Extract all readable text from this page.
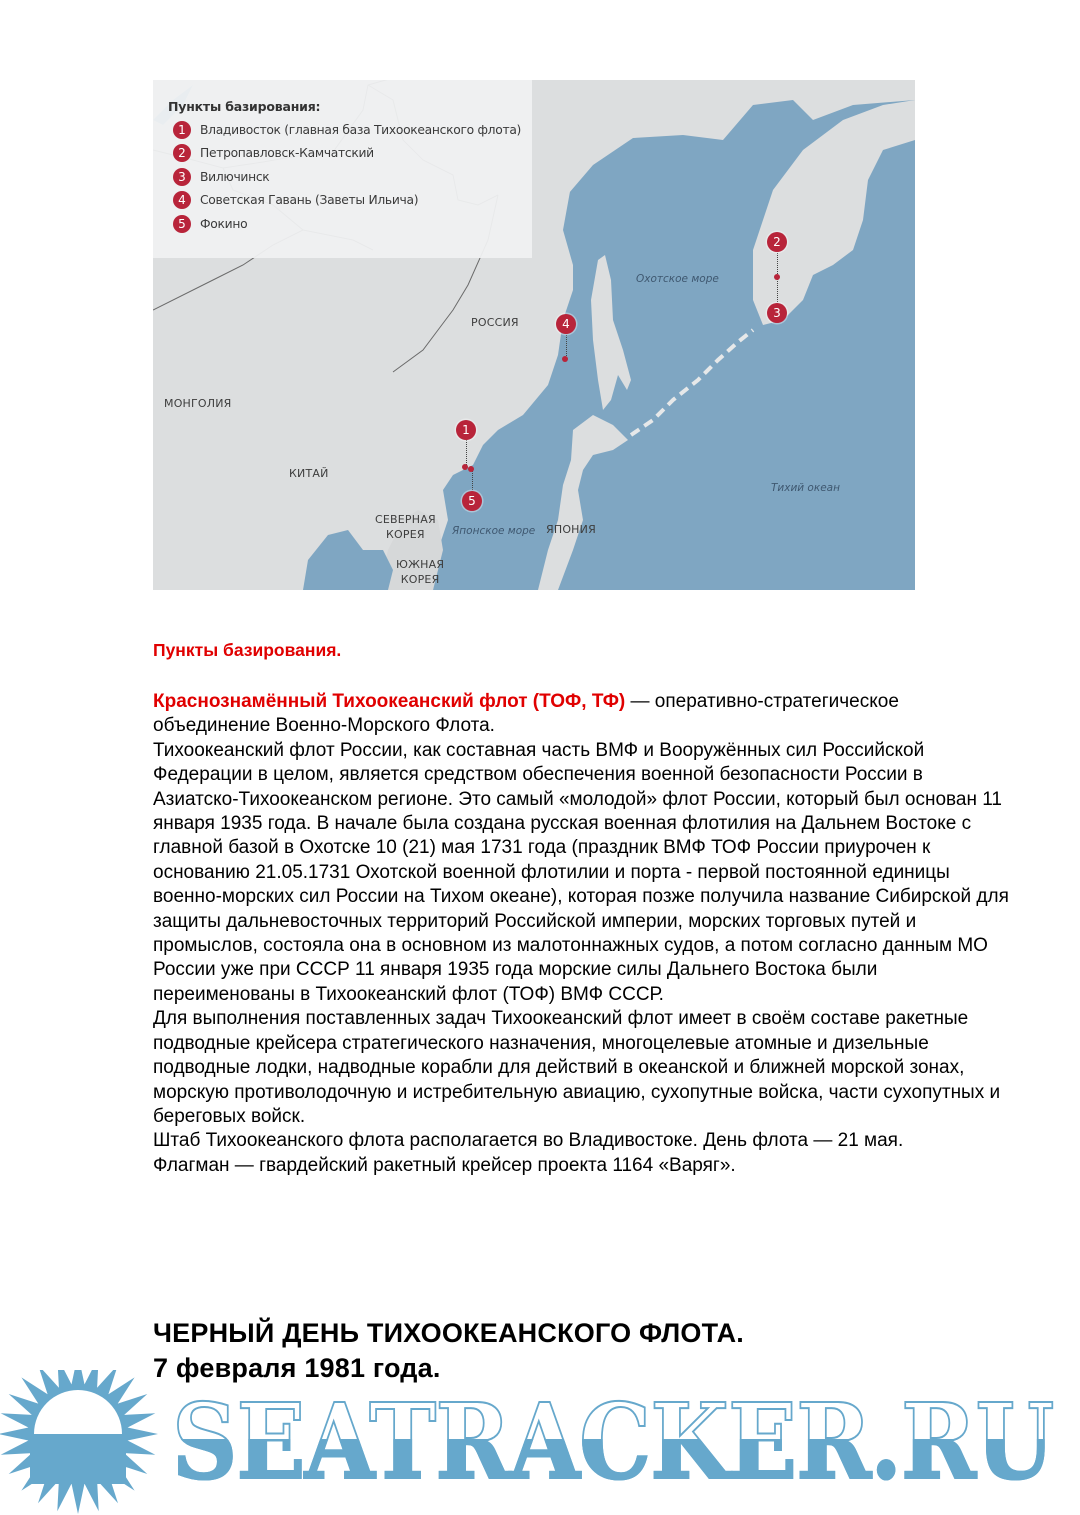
Пункты базирования:
1	Владивосток (главная база Тихоокеанского флота)
2	Петропавловск-Камчатский
3	Вилючинск
4	Советская Гавань (Заветы Ильича)
5	Фокино
РОССИЯ
МОНГОЛИЯ
КИТАЙ
СЕВЕРНАЯ
КОРЕЯ
ЮЖНАЯ
КОРЕЯ
ЯПОНИЯ
Охотское море
Японское море
Тихий океан
1
5
4
2
3

Пункты базирования.

Краснознамённый Тихоокеанский флот (ТОФ, ТФ) — оперативно-стратегическое объединение Военно-Морского Флота.

Тихоокеанский флот России, как составная часть ВМФ и Вооружённых сил Российской Федерации в целом, является средством обеспечения военной безопасности России в Азиатско-Тихоокеанском регионе. Это самый «молодой» флот России, который был основан 11 января 1935 года. В начале была создана русская военная флотилия на Дальнем Востоке с главной базой в Охотске 10 (21) мая 1731 года (праздник ВМФ ТОФ России приурочен к основанию 21.05.1731 Охотской военной флотилии и порта - первой постоянной единицы военно-морских сил России на Тихом океане), которая позже получила название Сибирской для защиты дальневосточных территорий Российской империи, морских торговых путей и промыслов, состояла она в основном из малотоннажных судов, а потом согласно данным МО России уже при СССР 11 января 1935 года морские силы Дальнего Востока были переименованы в Тихоокеанский флот (ТОФ) ВМФ СССР.

Для выполнения поставленных задач Тихоокеанский флот имеет в своём составе ракетные подводные крейсера стратегического назначения, многоцелевые атомные и дизельные подводные лодки, надводные корабли для действий в океанской и ближней морской зонах, морскую противолодочную и истребительную авиацию, сухопутные войска, части сухопутных и береговых войск.

Штаб Тихоокеанского флота располагается во Владивостоке. День флота — 21 мая.

Флагман — гвардейский ракетный крейсер проекта 1164 «Варяг».

ЧЕРНЫЙ ДЕНЬ ТИХООКЕАНСКОГО ФЛОТА.
7 февраля 1981 года.
SEATRACKER.RU
